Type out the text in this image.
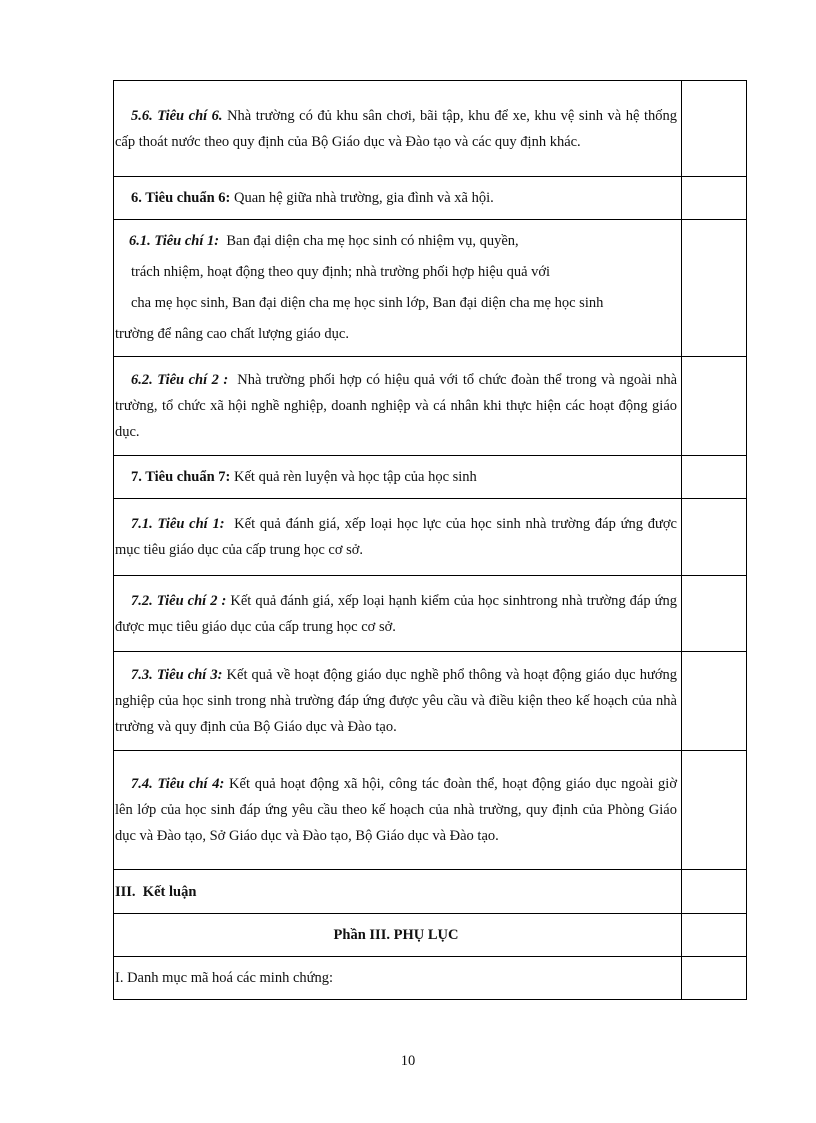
5.6. Tiêu chí 6. Nhà trường có đủ khu sân chơi, bãi tập, khu để xe, khu vệ sinh và hệ thống cấp thoát nước theo quy định của Bộ Giáo dục và Đào tạo và các quy định khác.	

6. Tiêu chuẩn 6: Quan hệ giữa nhà trường, gia đình và xã hội.	

6.1. Tiêu chí 1:  Ban đại diện cha mẹ học sinh có nhiệm vụ, quyền,
trách nhiệm, hoạt động theo quy định; nhà trường phối hợp hiệu quả với
cha mẹ học sinh, Ban đại diện cha mẹ học sinh lớp, Ban đại diện cha mẹ học sinh
trường để nâng cao chất lượng giáo dục.	

6.2. Tiêu chí 2 :  Nhà trường phối hợp có hiệu quả với tổ chức đoàn thể trong và ngoài nhà trường, tổ chức xã hội nghề nghiệp, doanh nghiệp và cá nhân khi thực hiện các hoạt động giáo dục.	

7. Tiêu chuẩn 7: Kết quả rèn luyện và học tập của học sinh	

7.1. Tiêu chí 1:  Kết quả đánh giá, xếp loại học lực của học sinh nhà trường đáp ứng được mục tiêu giáo dục của cấp trung học cơ sở.	

7.2. Tiêu chí 2 : Kết quả đánh giá, xếp loại hạnh kiểm của học sinhtrong nhà trường đáp ứng được mục tiêu giáo dục của cấp trung học cơ sở.	

7.3. Tiêu chí 3: Kết quả về hoạt động giáo dục nghề phổ thông và hoạt động giáo dục hướng nghiệp của học sinh trong nhà trường đáp ứng được yêu cầu và điều kiện theo kế hoạch của nhà trường và quy định của Bộ Giáo dục và Đào tạo.	

7.4. Tiêu chí 4: Kết quả hoạt động xã hội, công tác đoàn thể, hoạt động giáo dục ngoài giờ lên lớp của học sinh đáp ứng yêu cầu theo kế hoạch của nhà trường, quy định của Phòng Giáo dục và Đào tạo, Sở Giáo dục và Đào tạo, Bộ Giáo dục và Đào tạo.	

III.  Kết luận	

Phần III. PHỤ LỤC	

I. Danh mục mã hoá các minh chứng:	

10
